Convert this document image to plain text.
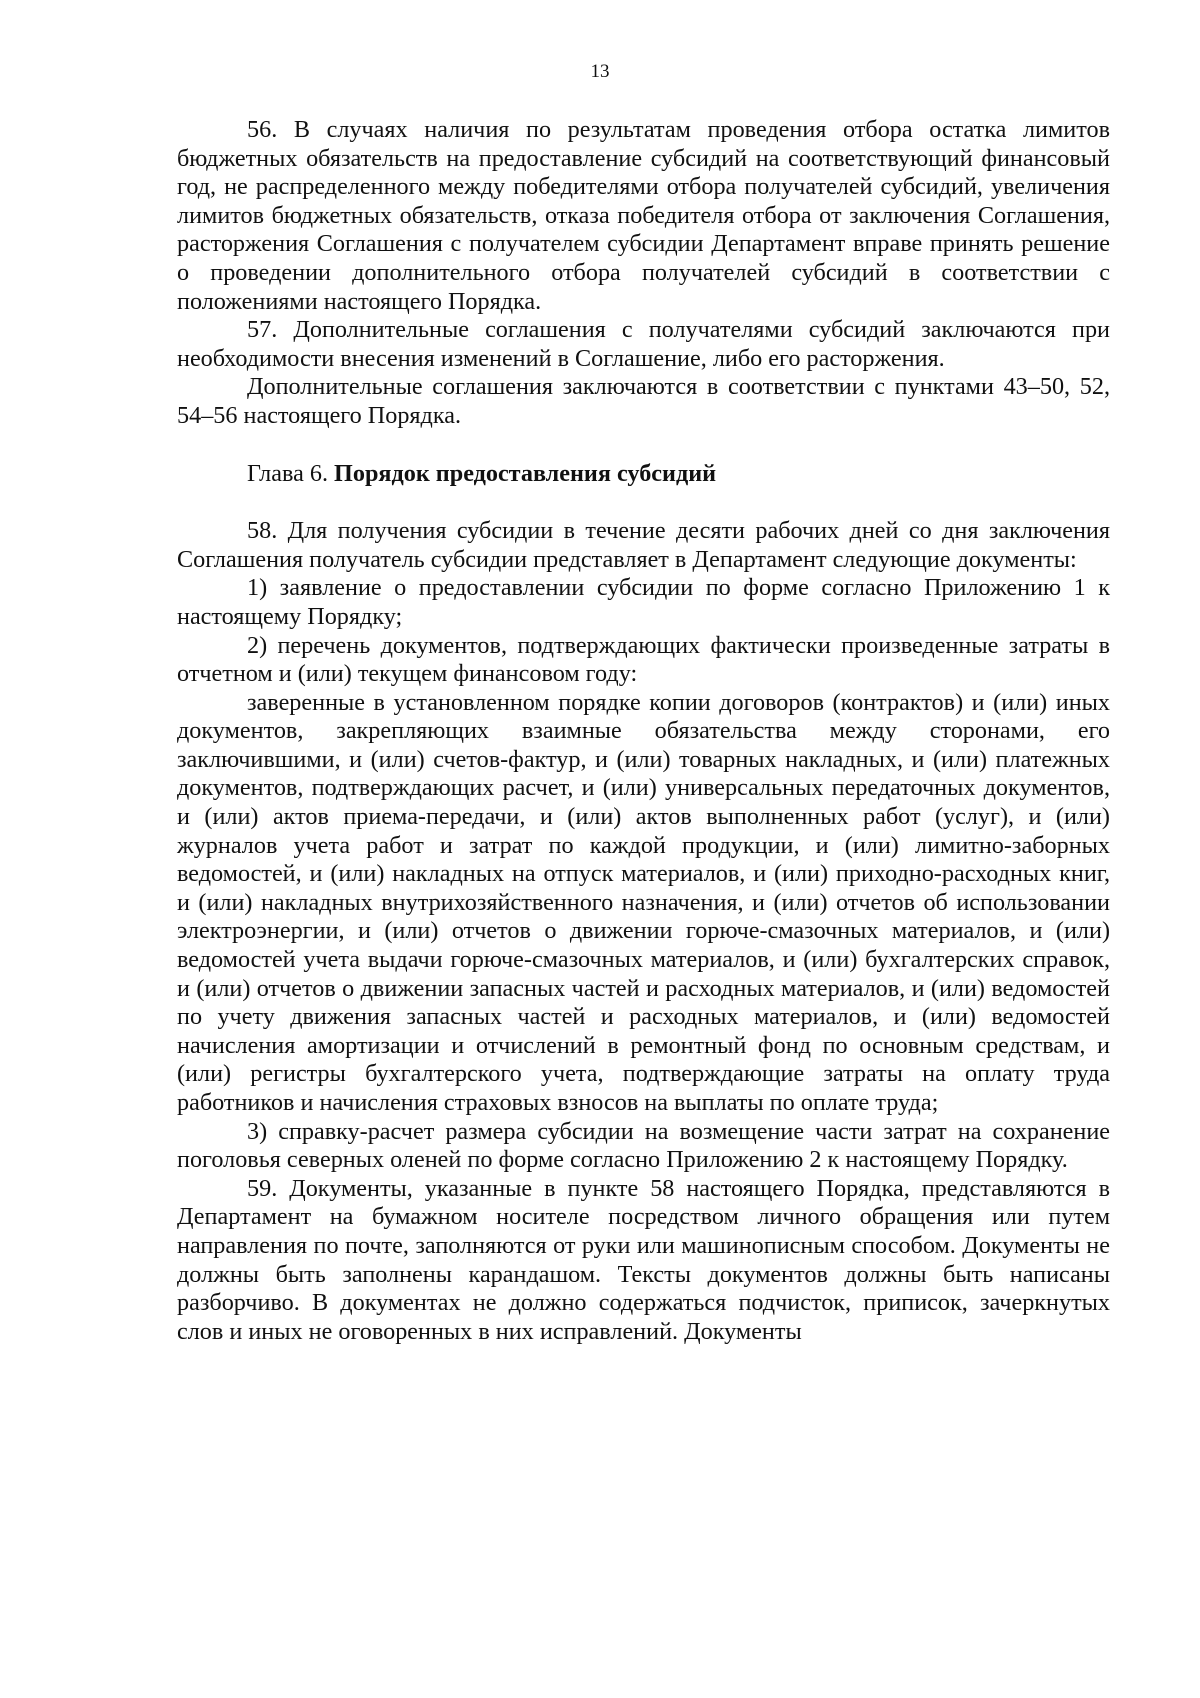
13

56. В случаях наличия по результатам проведения отбора остатка лимитов бюджетных обязательств на предоставление субсидий на соответствующий финансовый год, не распределенного между победителями отбора получателей субсидий, увеличения лимитов бюджетных обязательств, отказа победителя отбора от заключения Соглашения, расторжения Соглашения с получателем субсидии Департамент вправе принять решение о проведении дополнительного отбора получателей субсидий в соответствии с положениями настоящего Порядка.

57. Дополнительные соглашения с получателями субсидий заключаются при необходимости внесения изменений в Соглашение, либо его расторжения.

Дополнительные соглашения заключаются в соответствии с пунктами 43–50, 52, 54–56 настоящего Порядка.

Глава 6. Порядок предоставления субсидий

58. Для получения субсидии в течение десяти рабочих дней со дня заключения Соглашения получатель субсидии представляет в Департамент следующие документы:

1) заявление о предоставлении субсидии по форме согласно Приложению 1 к настоящему Порядку;

2) перечень документов, подтверждающих фактически произведенные затраты в отчетном и (или) текущем финансовом году:

заверенные в установленном порядке копии договоров (контрактов) и (или) иных документов, закрепляющих взаимные обязательства между сторонами, его заключившими, и (или) счетов-фактур, и (или) товарных накладных, и (или) платежных документов, подтверждающих расчет, и (или) универсальных передаточных документов, и (или) актов приема-передачи, и (или) актов выполненных работ (услуг), и (или) журналов учета работ и затрат по каждой продукции, и (или) лимитно-заборных ведомостей, и (или) накладных на отпуск материалов, и (или) приходно-расходных книг, и (или) накладных внутрихозяйственного назначения, и (или) отчетов об использовании электроэнергии, и (или) отчетов о движении горюче-смазочных материалов, и (или) ведомостей учета выдачи горюче-смазочных материалов, и (или) бухгалтерских справок, и (или) отчетов о движении запасных частей и расходных материалов, и (или) ведомостей по учету движения запасных частей и расходных материалов, и (или) ведомостей начисления амортизации и отчислений в ремонтный фонд по основным средствам, и (или) регистры бухгалтерского учета, подтверждающие затраты на оплату труда работников и начисления страховых взносов на выплаты по оплате труда;

3) справку-расчет размера субсидии на возмещение части затрат на сохранение поголовья северных оленей по форме согласно Приложению 2 к настоящему Порядку.

59. Документы, указанные в пункте 58 настоящего Порядка, представляются в Департамент на бумажном носителе посредством личного обращения или путем направления по почте, заполняются от руки или машинописным способом. Документы не должны быть заполнены карандашом. Тексты документов должны быть написаны разборчиво. В документах не должно содержаться подчисток, приписок, зачеркнутых слов и иных не оговоренных в них исправлений. Документы
